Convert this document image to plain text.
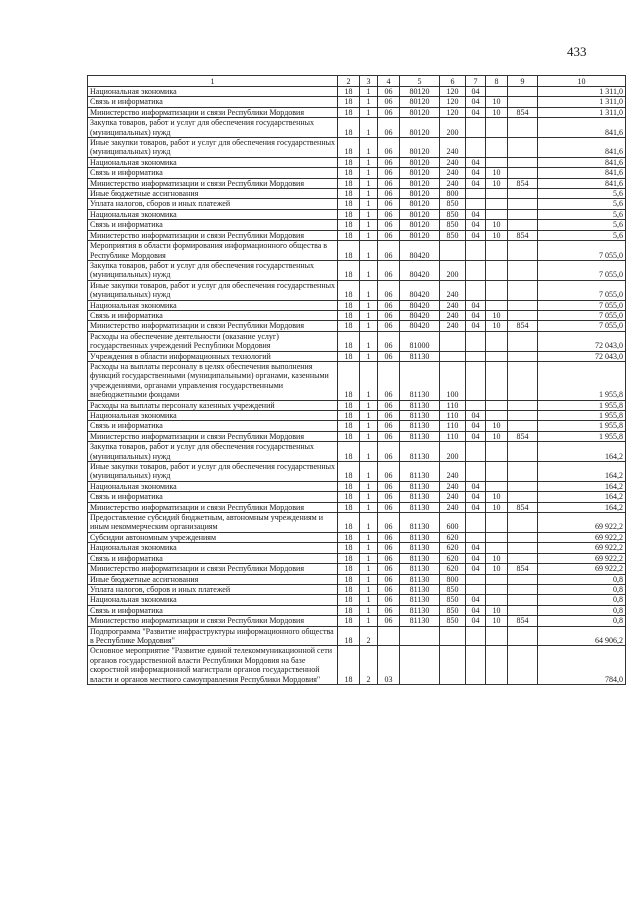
433
1	2	3	4	5	6	7	8	9	10
Национальная экономика	18	1	06	80120	120	04			1 311,0
Связь и информатика	18	1	06	80120	120	04	10		1 311,0
Министерство информатизации и связи Республики Мордовия	18	1	06	80120	120	04	10	854	1 311,0
Закупка товаров, работ и услуг для обеспечения государственных (муниципальных) нужд	18	1	06	80120	200				841,6
Иные закупки товаров, работ и услуг для обеспечения государственных (муниципальных) нужд	18	1	06	80120	240				841,6
Национальная экономика	18	1	06	80120	240	04			841,6
Связь и информатика	18	1	06	80120	240	04	10		841,6
Министерство информатизации и связи Республики Мордовия	18	1	06	80120	240	04	10	854	841,6
Иные бюджетные ассигнования	18	1	06	80120	800				5,6
Уплата налогов, сборов и иных платежей	18	1	06	80120	850				5,6
Национальная экономика	18	1	06	80120	850	04			5,6
Связь и информатика	18	1	06	80120	850	04	10		5,6
Министерство информатизации и связи Республики Мордовия	18	1	06	80120	850	04	10	854	5,6
Мероприятия в области формирования информационного общества в Республике Мордовия	18	1	06	80420					7 055,0
Закупка товаров, работ и услуг для обеспечения государственных (муниципальных) нужд	18	1	06	80420	200				7 055,0
Иные закупки товаров, работ и услуг для обеспечения государственных (муниципальных) нужд	18	1	06	80420	240				7 055,0
Национальная экономика	18	1	06	80420	240	04			7 055,0
Связь и информатика	18	1	06	80420	240	04	10		7 055,0
Министерство информатизации и связи Республики Мордовия	18	1	06	80420	240	04	10	854	7 055,0
Расходы на обеспечение деятельности (оказание услуг) государственных учреждений Республики Мордовия	18	1	06	81000					72 043,0
Учреждения в области информационных технологий	18	1	06	81130					72 043,0
Расходы на выплаты персоналу в целях обеспечения выполнения функций государственными (муниципальными) органами, казенными учреждениями, органами управления государственными внебюджетными фондами	18	1	06	81130	100				1 955,8
Расходы на выплаты персоналу казенных учреждений	18	1	06	81130	110				1 955,8
Национальная экономика	18	1	06	81130	110	04			1 955,8
Связь и информатика	18	1	06	81130	110	04	10		1 955,8
Министерство информатизации и связи Республики Мордовия	18	1	06	81130	110	04	10	854	1 955,8
Закупка товаров, работ и услуг для обеспечения государственных (муниципальных) нужд	18	1	06	81130	200				164,2
Иные закупки товаров, работ и услуг для обеспечения государственных (муниципальных) нужд	18	1	06	81130	240				164,2
Национальная экономика	18	1	06	81130	240	04			164,2
Связь и информатика	18	1	06	81130	240	04	10		164,2
Министерство информатизации и связи Республики Мордовия	18	1	06	81130	240	04	10	854	164,2
Предоставление субсидий бюджетным, автономным учреждениям и иным некоммерческим организациям	18	1	06	81130	600				69 922,2
Субсидии автономным учреждениям	18	1	06	81130	620				69 922,2
Национальная экономика	18	1	06	81130	620	04			69 922,2
Связь и информатика	18	1	06	81130	620	04	10		69 922,2
Министерство информатизации и связи Республики Мордовия	18	1	06	81130	620	04	10	854	69 922,2
Иные бюджетные ассигнования	18	1	06	81130	800				0,8
Уплата налогов, сборов и иных платежей	18	1	06	81130	850				0,8
Национальная экономика	18	1	06	81130	850	04			0,8
Связь и информатика	18	1	06	81130	850	04	10		0,8
Министерство информатизации и связи Республики Мордовия	18	1	06	81130	850	04	10	854	0,8
Подпрограмма "Развитие инфраструктуры информационного общества в Республике Мордовия"	18	2							64 906,2
Основное мероприятие "Развитие единой телекоммуникационной сети органов государственной власти Республики Мордовия на базе скоростной информационной магистрали органов государственной власти и органов местного самоуправления Республики Мордовия"	18	2	03						784,0
